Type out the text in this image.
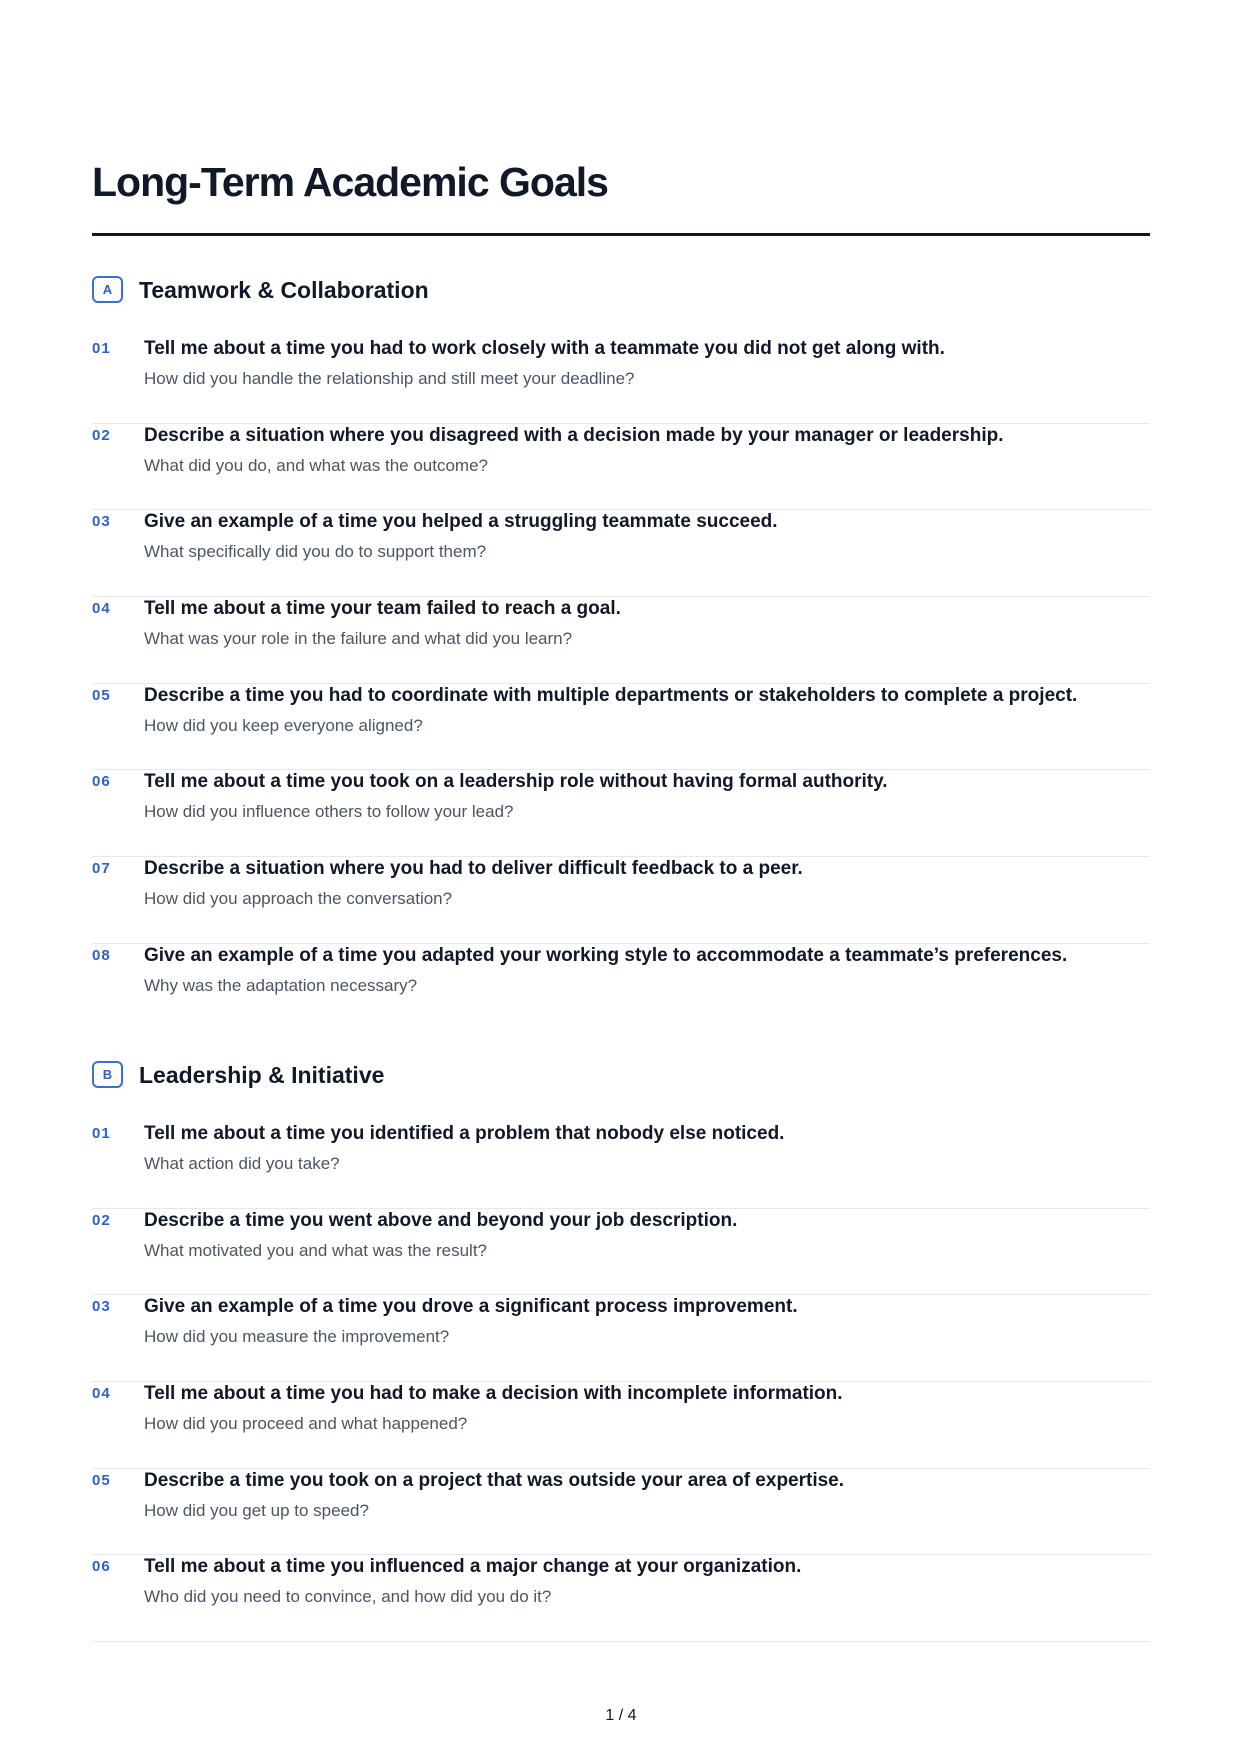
Long-Term Academic Goals
A	Teamwork & Collaboration
01 Tell me about a time you had to work closely with a teammate you did not get along with.
How did you handle the relationship and still meet your deadline?
02 Describe a situation where you disagreed with a decision made by your manager or leadership.
What did you do, and what was the outcome?
03 Give an example of a time you helped a struggling teammate succeed.
What specifically did you do to support them?
04 Tell me about a time your team failed to reach a goal.
What was your role in the failure and what did you learn?
05 Describe a time you had to coordinate with multiple departments or stakeholders to complete a project.
How did you keep everyone aligned?
06 Tell me about a time you took on a leadership role without having formal authority.
How did you influence others to follow your lead?
07 Describe a situation where you had to deliver difficult feedback to a peer.
How did you approach the conversation?
08 Give an example of a time you adapted your working style to accommodate a teammate’s preferences.
Why was the adaptation necessary?
B	Leadership & Initiative
01 Tell me about a time you identified a problem that nobody else noticed.
What action did you take?
02 Describe a time you went above and beyond your job description.
What motivated you and what was the result?
03 Give an example of a time you drove a significant process improvement.
How did you measure the improvement?
04 Tell me about a time you had to make a decision with incomplete information.
How did you proceed and what happened?
05 Describe a time you took on a project that was outside your area of expertise.
How did you get up to speed?
06 Tell me about a time you influenced a major change at your organization.
Who did you need to convince, and how did you do it?
1 / 4
